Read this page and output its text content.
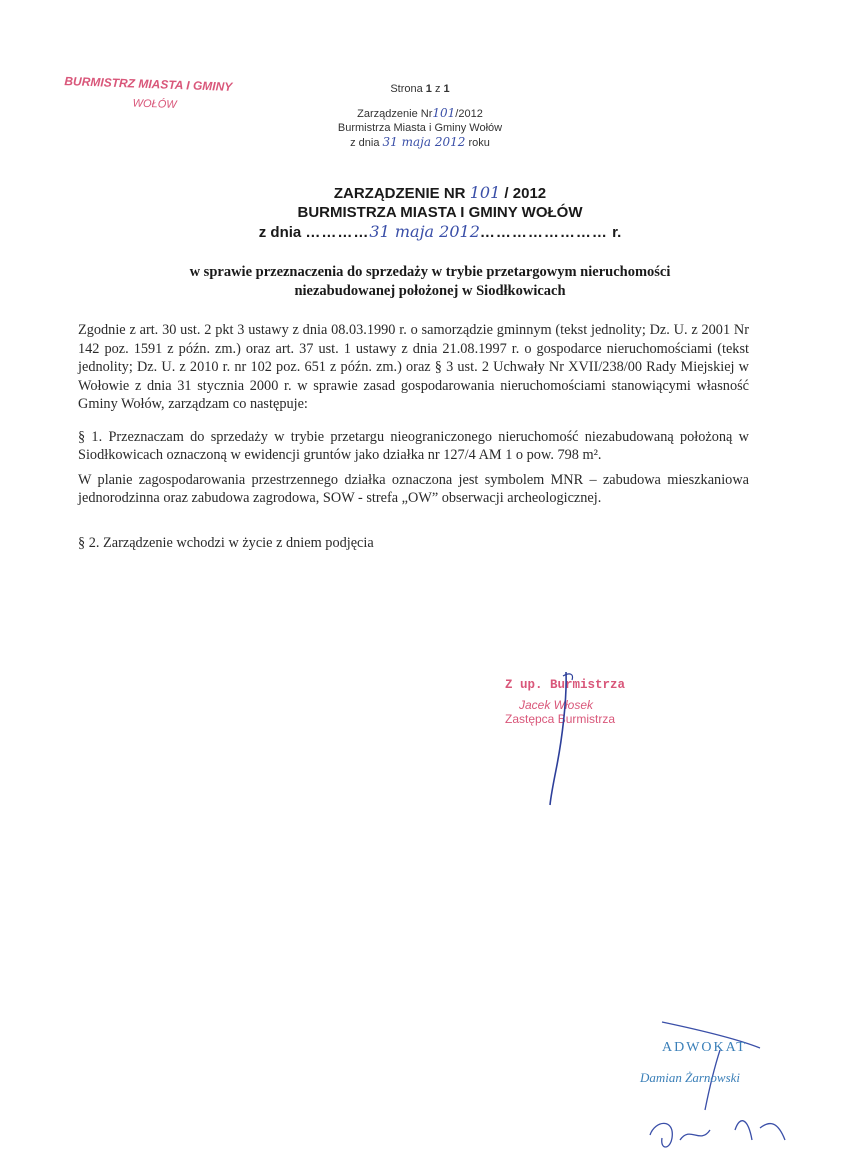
BURMISTRZ MIASTA I GMINY
WOŁÓW
Strona 1 z 1
Zarządzenie Nr101/2012
Burmistrza Miasta i Gminy Wołów
z dnia 31 maja 2012 roku
ZARZĄDZENIE NR 101 / 2012
BURMISTRZA MIASTA I GMINY WOŁÓW
z dnia …………31 maja 2012…………………… r.
w sprawie przeznaczenia do sprzedaży w trybie przetargowym nieruchomości
niezabudowanej położonej w Siodłkowicach

Zgodnie z art. 30 ust. 2 pkt 3 ustawy z dnia 08.03.1990 r. o samorządzie gminnym (tekst jednolity; Dz. U. z 2001 Nr 142 poz. 1591 z późn. zm.) oraz art. 37 ust. 1 ustawy z dnia 21.08.1997 r. o gospodarce nieruchomościami (tekst jednolity; Dz. U. z 2010 r. nr 102 poz. 651 z późn. zm.) oraz § 3 ust. 2 Uchwały Nr XVII/238/00 Rady Miejskiej w Wołowie z dnia 31 stycznia 2000 r. w sprawie zasad gospodarowania nieruchomościami stanowiącymi własność Gminy Wołów, zarządzam co następuje:

§ 1. Przeznaczam do sprzedaży w trybie przetargu nieograniczonego nieruchomość niezabudowaną położoną w Siodłkowicach oznaczoną w ewidencji gruntów jako działka nr 127/4 AM 1 o pow. 798 m².

W planie zagospodarowania przestrzennego działka oznaczona jest symbolem MNR – zabudowa mieszkaniowa jednorodzinna oraz zabudowa zagrodowa, SOW - strefa „OW” obserwacji archeologicznej.

§ 2. Zarządzenie wchodzi w życie z dniem podjęcia

Z up. Burmistrza
Jacek Włosek
Zastępca Burmistrza
ADWOKAT
Damian Żarnowski
